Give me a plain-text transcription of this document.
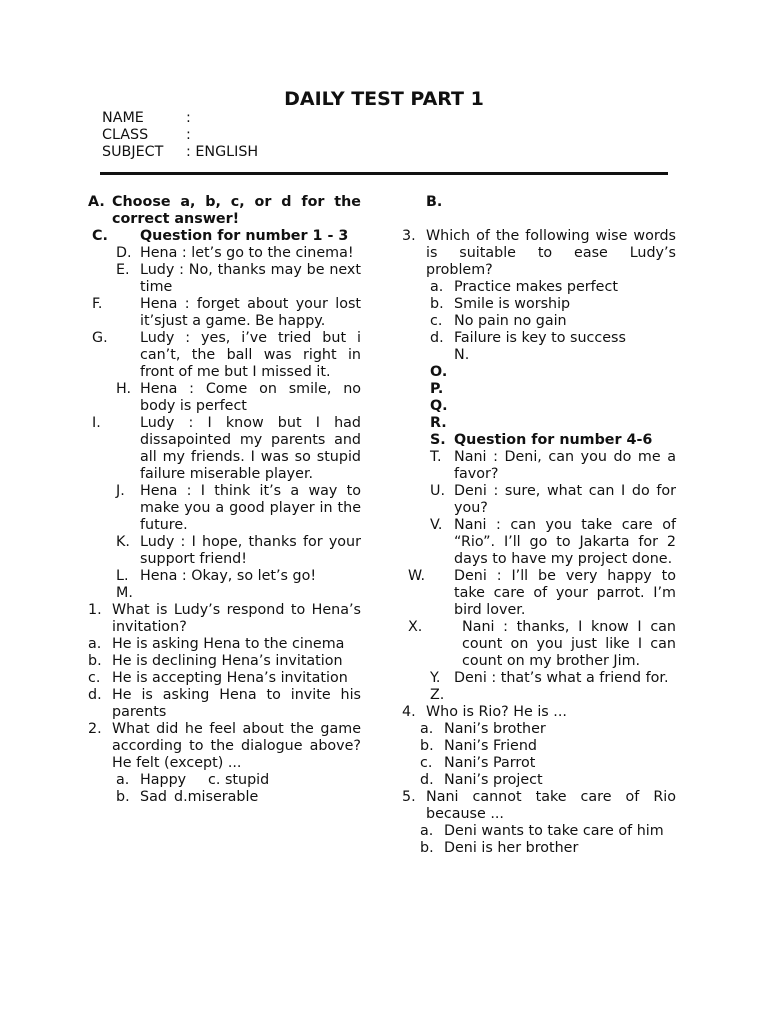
DAILY TEST PART 1
NAME	:
CLASS	:
SUBJECT	: ENGLISH
A. Choose a, b, c, or d for the correct answer!
C.	Question for number 1 - 3
D. Hena : let’s go to the cinema!
E. Ludy : No, thanks may be next time
F.	Hena : forget about your lost it’sjust a game. Be happy.
G.	Ludy : yes, i’ve tried but i can’t, the ball was right in front of me but I missed it.
H. Hena : Come on smile, no body is perfect
I.	Ludy : I know but I had dissapointed my parents and all my friends. I was so stupid failure miserable player.
J.	Hena : I think it’s a way to make you a good player in the future.
K. Ludy : I hope, thanks for your support friend!
L. Hena : Okay, so let’s go!
M.
1. What is Ludy’s respond to Hena’s invitation?
a. He is asking Hena to the cinema
b. He is declining Hena’s invitation
c. He is accepting Hena’s invitation
d. He is asking Hena to invite his parents
2. What did he feel about the game according to the dialogue above? He felt (except) ...
a. Happy	c. stupid
b. Sad d.miserable
B.
3. Which of the following wise words is suitable to ease Ludy’s problem?
a. Practice makes perfect
b. Smile is worship
c. No pain no gain
d. Failure is key to success
N.
O.
P.
Q.
R.
S. Question for number 4-6
T. Nani : Deni, can you do me a favor?
U. Deni : sure, what can I do for you?
V. Nani : can you take care of “Rio”. I’ll go to Jakarta for 2 days to have my project done.
W.	Deni : I’ll be very happy to take care of your parrot. I’m bird lover.
X.	Nani : thanks, I know I can count on you just like I can count on my brother Jim.
Y. Deni : that’s what a friend for.
Z.
4. Who is Rio? He is ...
a. Nani’s brother
b. Nani’s Friend
c. Nani’s Parrot
d. Nani’s project
5. Nani cannot take care of Rio because ...
a. Deni wants to take care of him
b. Deni is her brother
